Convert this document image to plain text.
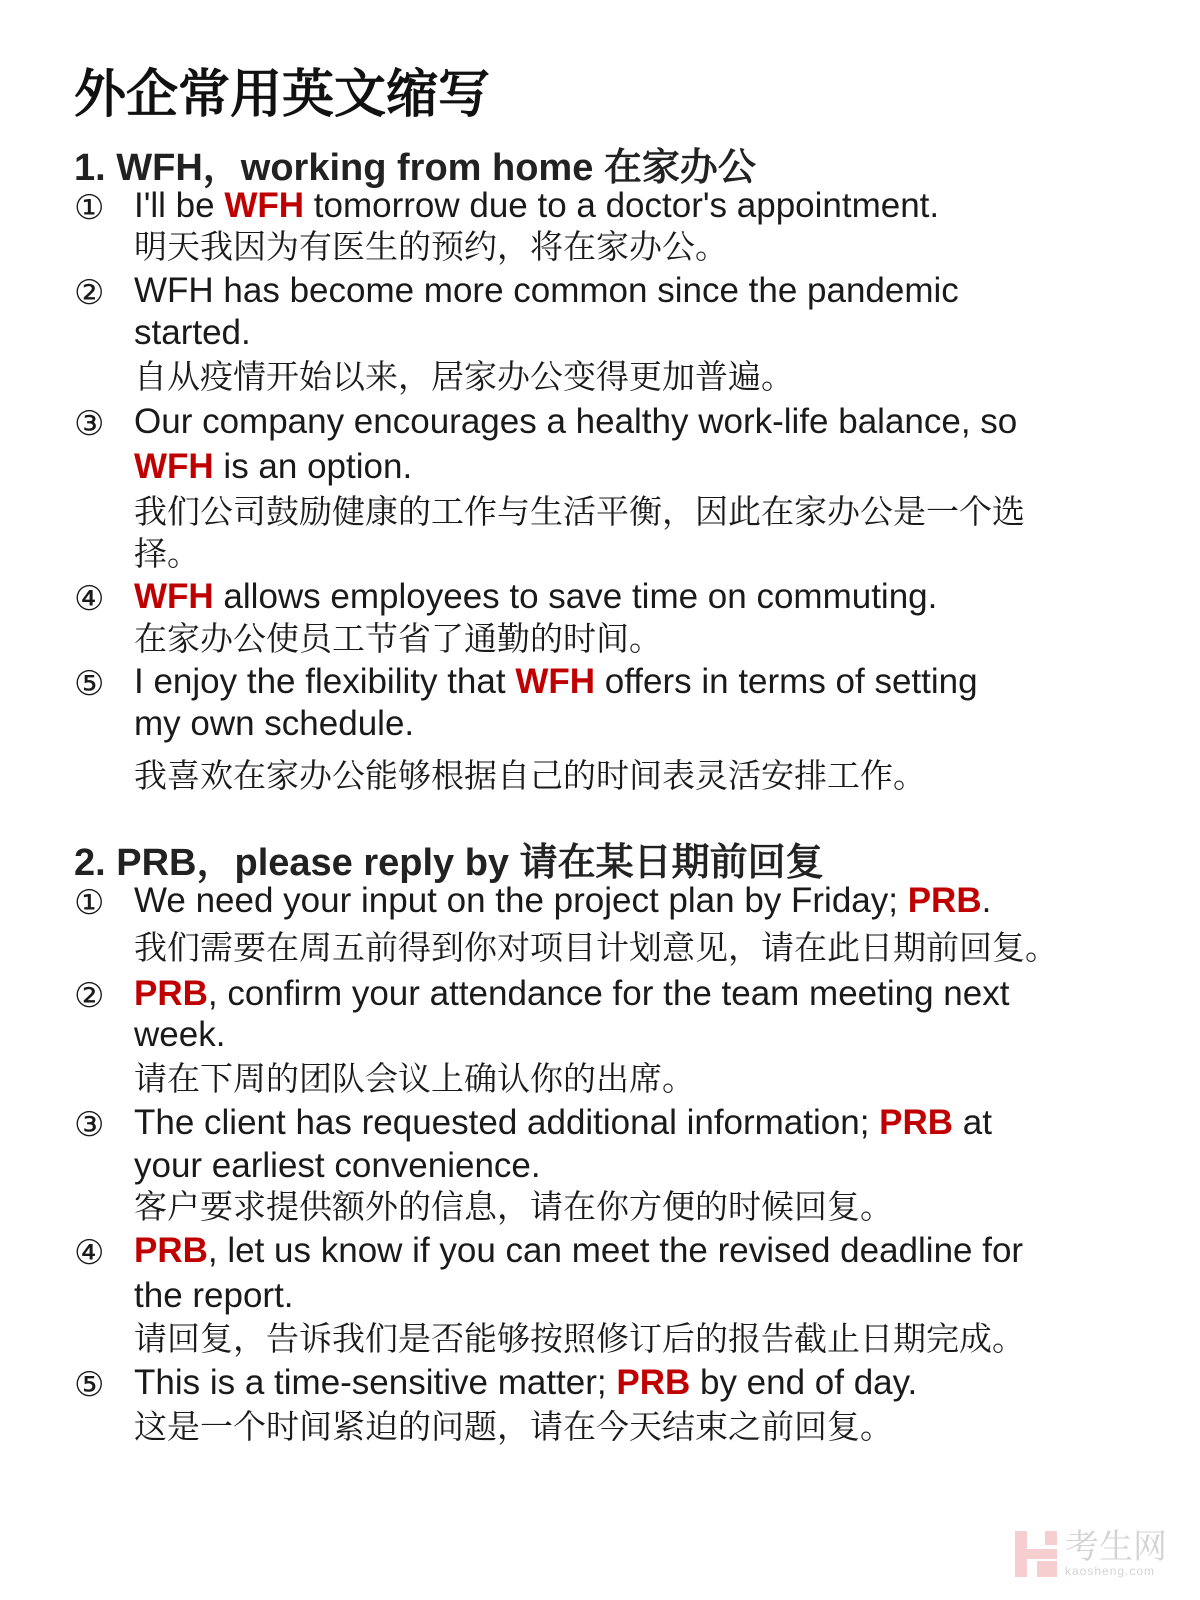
外企常用英文缩写
1. WFH，working from home 在家办公
① I'll be WFH tomorrow due to a doctor's appointment.
明天我因为有医生的预约，将在家办公。
② WFH has become more common since the pandemic
started.
自从疫情开始以来，居家办公变得更加普遍。
③ Our company encourages a healthy work-life balance, so
WFH is an option.
我们公司鼓励健康的工作与生活平衡，因此在家办公是一个选
择。
④ WFH allows employees to save time on commuting.
在家办公使员工节省了通勤的时间。
⑤ I enjoy the flexibility that WFH offers in terms of setting
my own schedule.
我喜欢在家办公能够根据自己的时间表灵活安排工作。
2. PRB，please reply by 请在某日期前回复
① We need your input on the project plan by Friday; PRB.
我们需要在周五前得到你对项目计划意见，请在此日期前回复。
② PRB, confirm your attendance for the team meeting next
week.
请在下周的团队会议上确认你的出席。
③ The client has requested additional information; PRB at
your earliest convenience.
客户要求提供额外的信息，请在你方便的时候回复。
④ PRB, let us know if you can meet the revised deadline for
the report.
请回复，告诉我们是否能够按照修订后的报告截止日期完成。
⑤ This is a time-sensitive matter; PRB by end of day.
这是一个时间紧迫的问题，请在今天结束之前回复。
考生网
kaosheng.com
